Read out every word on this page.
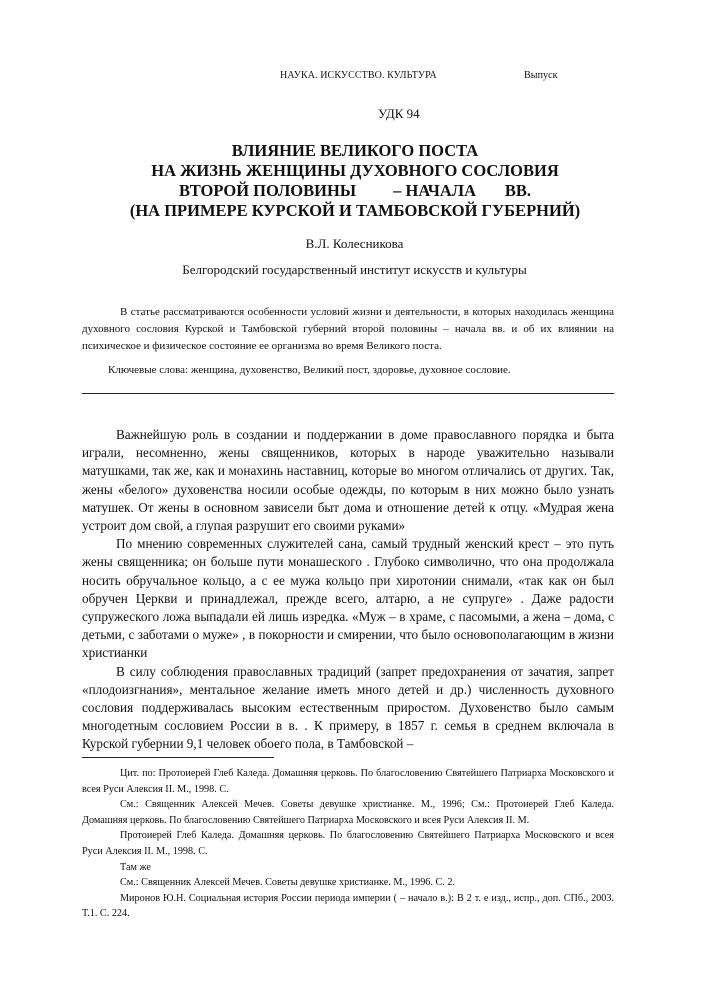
НАУКА. ИСКУССТВО. КУЛЬТУРА	Выпуск
УДК 94
ВЛИЯНИЕ ВЕЛИКОГО ПОСТА
НА ЖИЗНЬ ЖЕНЩИНЫ ДУХОВНОГО СОСЛОВИЯ
ВТОРОЙ ПОЛОВИНЫ         – НАЧАЛА       ВВ.
(НА ПРИМЕРЕ КУРСКОЙ И ТАМБОВСКОЙ ГУБЕРНИЙ)
В.Л. Колесникова
Белгородский государственный институт искусств и культуры

В статье рассматриваются особенности условий жизни и деятельности, в которых находилась женщина духовного сословия Курской и Тамбовской губерний второй половины – начала вв. и об их влиянии на психическое и физическое состояние ее организма во время Великого поста.

Ключевые слова: женщина, духовенство, Великий пост, здоровье, духовное сословие.

Важнейшую роль в создании и поддержании в доме православного порядка и быта играли, несомненно, жены священников, которых в народе уважительно называли матушками, так же, как и монахинь наставниц, которые во многом отличались от других. Так, жены «белого» духовенства носили особые одежды, по которым в них можно было узнать матушек. От жены в основном зависели быт дома и отношение детей к отцу. «Мудрая жена устроит дом свой, а глупая разрушит его своими руками»

По мнению современных служителей сана, самый трудный женский крест – это путь жены священника; он больше пути монашеского . Глубоко символично, что она продолжала носить обручальное кольцо, а с ее мужа кольцо при хиротонии снимали, «так как он был обручен Церкви и принадлежал, прежде всего, алтарю, а не супруге» . Даже радости супружеского ложа выпадали ей лишь изредка. «Муж – в храме, с пасомыми, а жена – дома, с детьми, с заботами о муже» , в покорности и смирении, что было основополагающим в жизни христианки

В силу соблюдения православных традиций (запрет предохранения от зачатия, запрет «плодоизгнания», ментальное желание иметь много детей и др.) численность духовного сословия поддерживалась высоким естественным приростом. Духовенство было самым многодетным сословием России в в. . К примеру, в 1857 г. семья в среднем включала в Курской губернии 9,1 человек обоего пола, в Тамбовской –

Цит. по: Протоиерей Глеб Каледа. Домашняя церковь. По благословению Святейшего Патриарха Московского и всея Руси Алексия II. М., 1998. С.

См.: Священник Алексей Мечев. Советы девушке христианке. М., 1996; См.: Протоиерей Глеб Каледа. Домашняя церковь. По благословению Святейшего Патриарха Московского и всея Руси Алексия II. М.

Протоиерей Глеб Каледа. Домашняя церковь. По благословению Святейшего Патриарха Московского и всея Руси Алексия II. М., 1998. С.

Там же

См.: Священник Алексей Мечев. Советы девушке христианке. М., 1996. С. 2.

Миронов Ю.Н. Социальная история России периода империи ( – начало в.): В 2 т. е изд., испр., доп. СПб., 2003. Т.1. С. 224.
